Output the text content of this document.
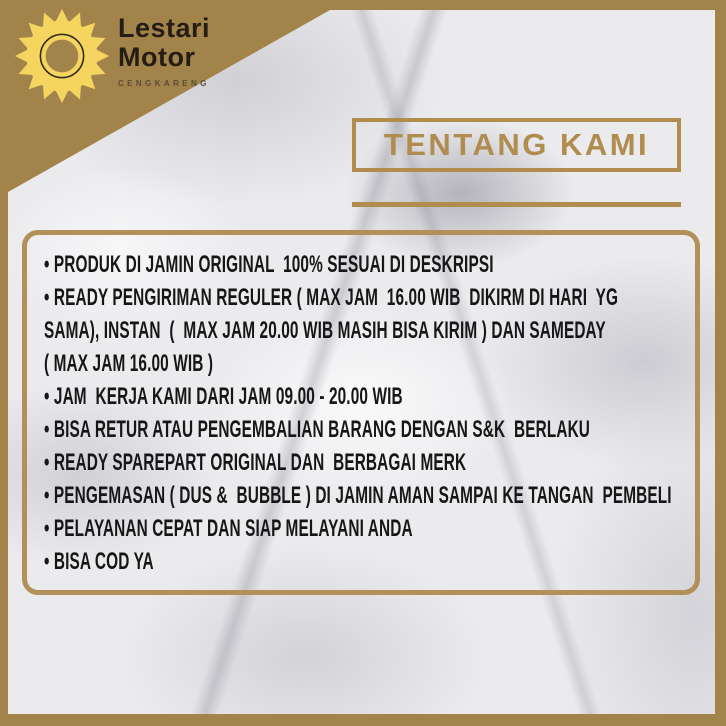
Lestari
Motor
CENGKARENG
TENTANG KAMI
• PRODUK DI JAMIN ORIGINAL  100% SESUAI DI DESKRIPSI
• READY PENGIRIMAN REGULER ( MAX JAM  16.00 WIB  DIKIRM DI HARI  YG
SAMA), INSTAN  (  MAX JAM 20.00 WIB MASIH BISA KIRIM ) DAN SAMEDAY
( MAX JAM 16.00 WIB )
• JAM  KERJA KAMI DARI JAM 09.00 - 20.00 WIB
• BISA RETUR ATAU PENGEMBALIAN BARANG DENGAN S&K  BERLAKU
• READY SPAREPART ORIGINAL DAN  BERBAGAI MERK
• PENGEMASAN ( DUS &  BUBBLE ) DI JAMIN AMAN SAMPAI KE TANGAN  PEMBELI
• PELAYANAN CEPAT DAN SIAP MELAYANI ANDA
• BISA COD YA
